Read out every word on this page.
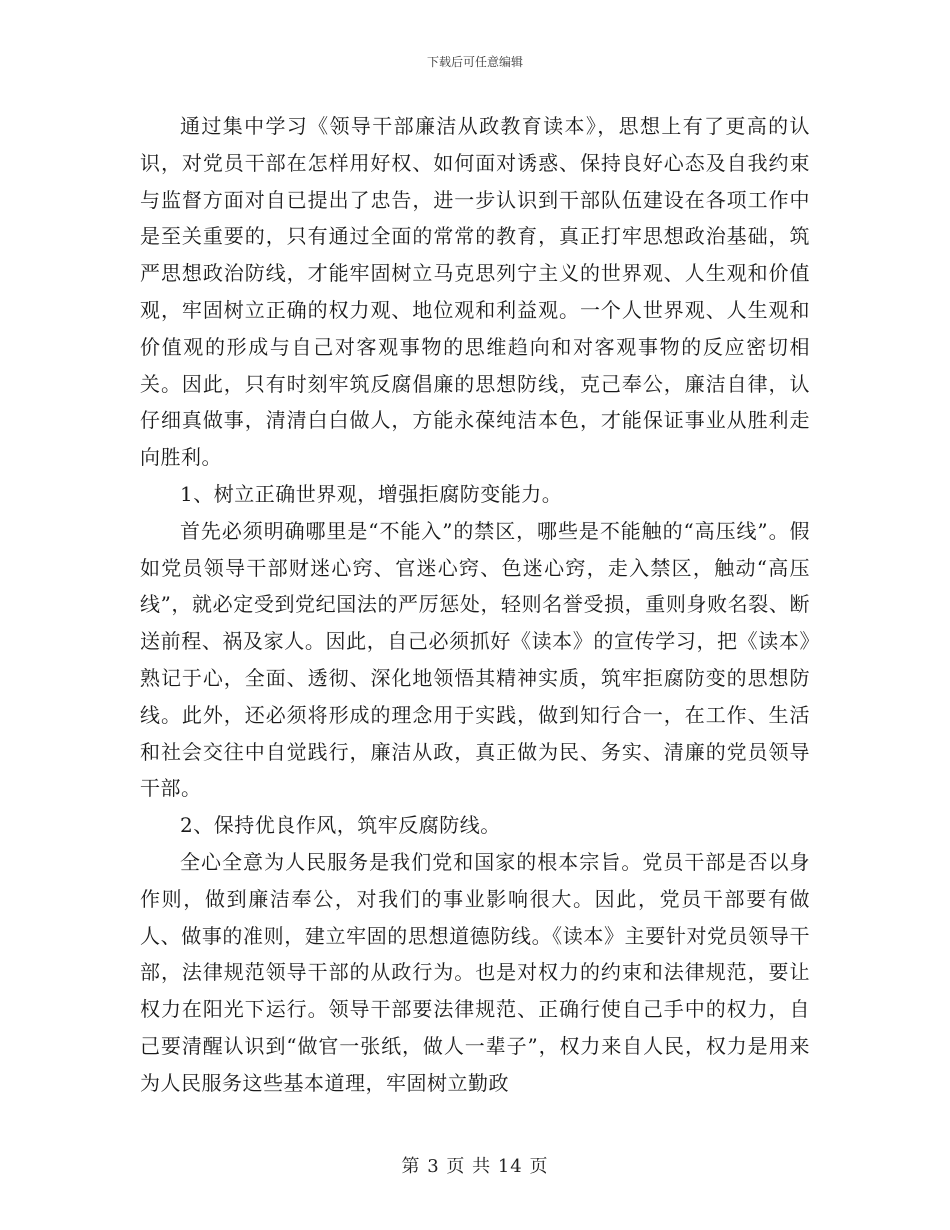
下载后可任意编辑

通过集中学习《领导干部廉洁从政教育读本》，思想上有了更高的认识，对党员干部在怎样用好权、如何面对诱惑、保持良好心态及自我约束与监督方面对自已提出了忠告，进一步认识到干部队伍建设在各项工作中是至关重要的，只有通过全面的常常的教育，真正打牢思想政治基础，筑严思想政治防线，才能牢固树立马克思列宁主义的世界观、人生观和价值观，牢固树立正确的权力观、地位观和利益观。一个人世界观、人生观和价值观的形成与自己对客观事物的思维趋向和对客观事物的反应密切相关。因此，只有时刻牢筑反腐倡廉的思想防线，克己奉公，廉洁自律，认仔细真做事，清清白白做人，方能永葆纯洁本色，才能保证事业从胜利走向胜利。

1、树立正确世界观，增强拒腐防变能力。

首先必须明确哪里是“不能入”的禁区，哪些是不能触的“高压线”。假如党员领导干部财迷心窍、官迷心窍、色迷心窍，走入禁区，触动“高压线”，就必定受到党纪国法的严厉惩处，轻则名誉受损，重则身败名裂、断送前程、祸及家人。因此，自己必须抓好《读本》的宣传学习，把《读本》熟记于心，全面、透彻、深化地领悟其精神实质，筑牢拒腐防变的思想防线。此外，还必须将形成的理念用于实践，做到知行合一，在工作、生活和社会交往中自觉践行，廉洁从政，真正做为民、务实、清廉的党员领导干部。

2、保持优良作风，筑牢反腐防线。

全心全意为人民服务是我们党和国家的根本宗旨。党员干部是否以身作则，做到廉洁奉公，对我们的事业影响很大。因此，党员干部要有做人、做事的准则，建立牢固的思想道德防线。《读本》主要针对党员领导干部，法律规范领导干部的从政行为。也是对权力的约束和法律规范，要让权力在阳光下运行。领导干部要法律规范、正确行使自己手中的权力，自己要清醒认识到“做官一张纸，做人一辈子”，权力来自人民，权力是用来为人民服务这些基本道理，牢固树立勤政

第 3 页 共 14 页
